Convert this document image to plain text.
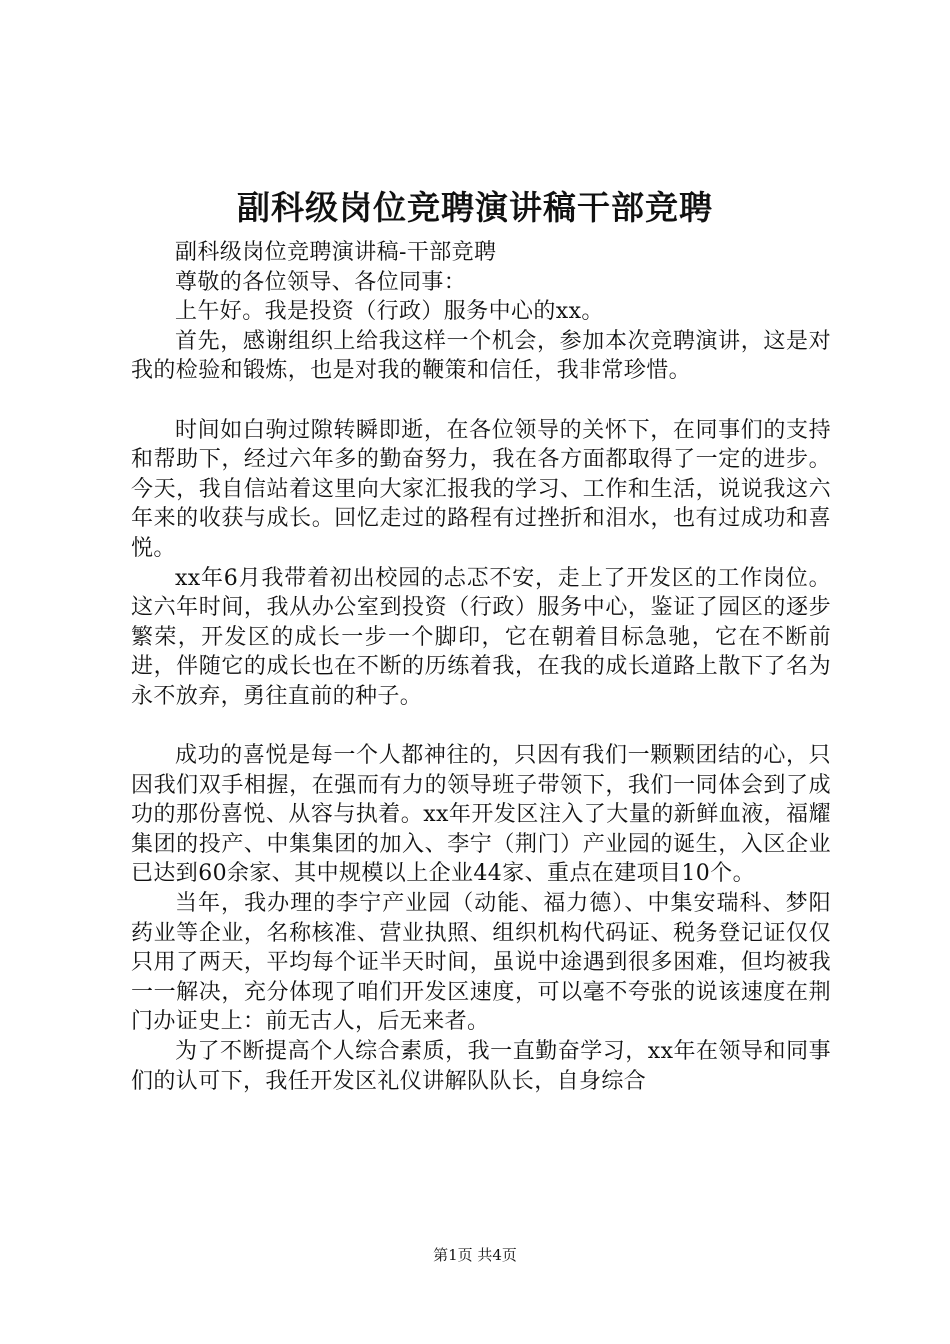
副科级岗位竞聘演讲稿干部竞聘

副科级岗位竞聘演讲稿-干部竞聘

尊敬的各位领导、各位同事：

上午好。我是投资（行政）服务中心的xx。

首先，感谢组织上给我这样一个机会，参加本次竞聘演讲，这是对我的检验和锻炼，也是对我的鞭策和信任，我非常珍惜。

时间如白驹过隙转瞬即逝，在各位领导的关怀下，在同事们的支持和帮助下，经过六年多的勤奋努力，我在各方面都取得了一定的进步。今天，我自信站着这里向大家汇报我的学习、工作和生活，说说我这六年来的收获与成长。回忆走过的路程有过挫折和泪水，也有过成功和喜悦。

xx年6月我带着初出校园的忐忑不安，走上了开发区的工作岗位。这六年时间，我从办公室到投资（行政）服务中心，鉴证了园区的逐步繁荣，开发区的成长一步一个脚印，它在朝着目标急驰，它在不断前进，伴随它的成长也在不断的历练着我，在我的成长道路上散下了名为永不放弃，勇往直前的种子。

成功的喜悦是每一个人都神往的，只因有我们一颗颗团结的心，只因我们双手相握，在强而有力的领导班子带领下，我们一同体会到了成功的那份喜悦、从容与执着。xx年开发区注入了大量的新鲜血液，福耀集团的投产、中集集团的加入、李宁（荆门）产业园的诞生，入区企业已达到60余家、其中规模以上企业44家、重点在建项目10个。

当年，我办理的李宁产业园（动能、福力德）、中集安瑞科、梦阳药业等企业，名称核准、营业执照、组织机构代码证、税务登记证仅仅只用了两天，平均每个证半天时间，虽说中途遇到很多困难，但均被我一一解决，充分体现了咱们开发区速度，可以毫不夸张的说该速度在荆门办证史上：前无古人，后无来者。

为了不断提高个人综合素质，我一直勤奋学习，xx年在领导和同事们的认可下，我任开发区礼仪讲解队队长，自身综合

第1页 共4页
